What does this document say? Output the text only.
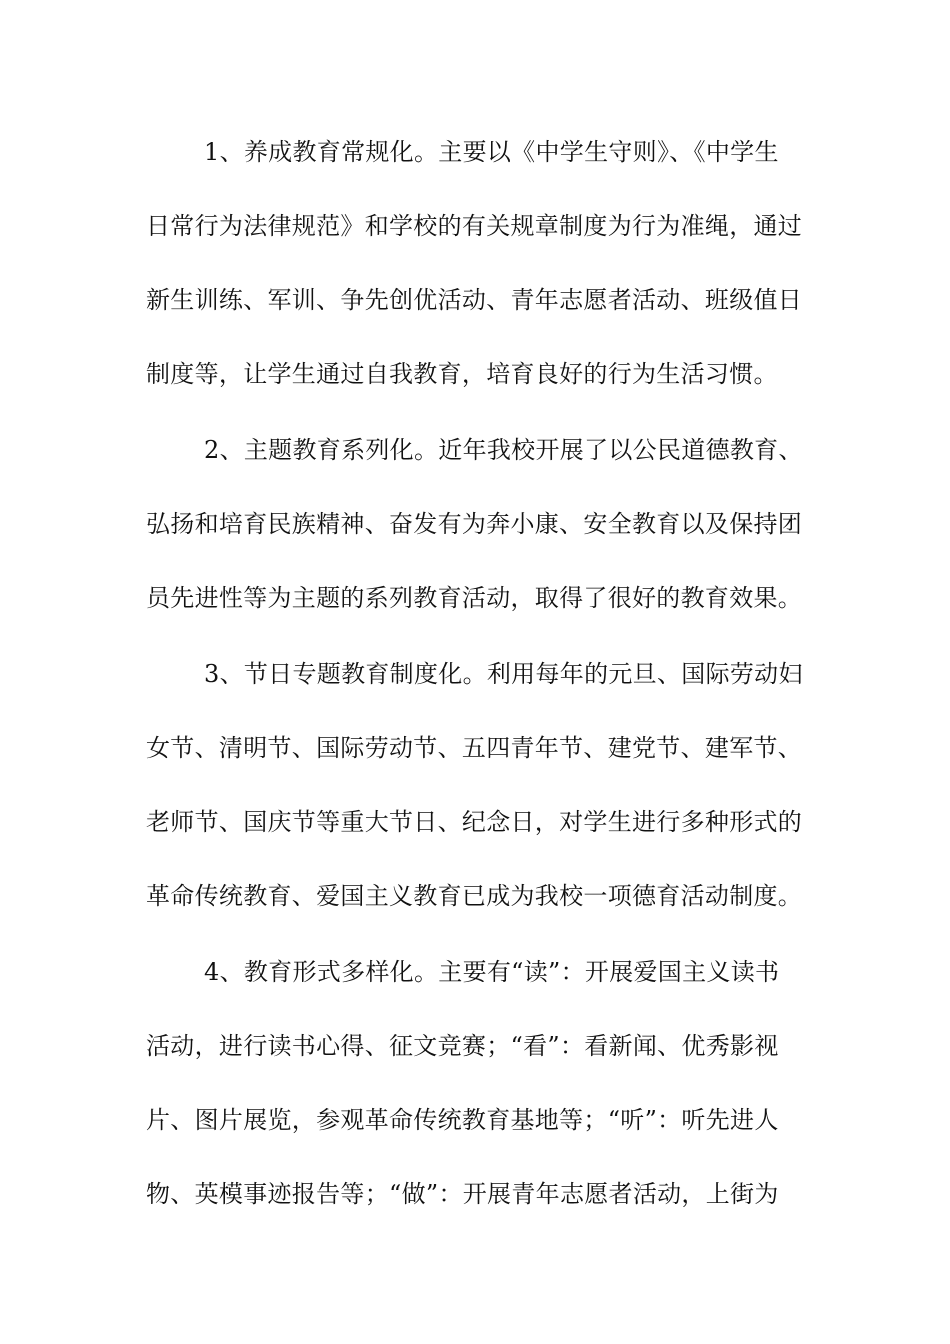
1、养成教育常规化。主要以《中学生守则》、《中学生
日常行为法律规范》和学校的有关规章制度为行为准绳，通过
新生训练、军训、争先创优活动、青年志愿者活动、班级值日
制度等，让学生通过自我教育，培育良好的行为生活习惯。
2、主题教育系列化。近年我校开展了以公民道德教育、
弘扬和培育民族精神、奋发有为奔小康、安全教育以及保持团
员先进性等为主题的系列教育活动，取得了很好的教育效果。
3、节日专题教育制度化。利用每年的元旦、国际劳动妇
女节、清明节、国际劳动节、五四青年节、建党节、建军节、
老师节、国庆节等重大节日、纪念日，对学生进行多种形式的
革命传统教育、爱国主义教育已成为我校一项德育活动制度。
4、教育形式多样化。主要有“读”：开展爱国主义读书
活动，进行读书心得、征文竞赛；“看”：看新闻、优秀影视
片、图片展览，参观革命传统教育基地等；“听”：听先进人
物、英模事迹报告等；“做”：开展青年志愿者活动，上街为
